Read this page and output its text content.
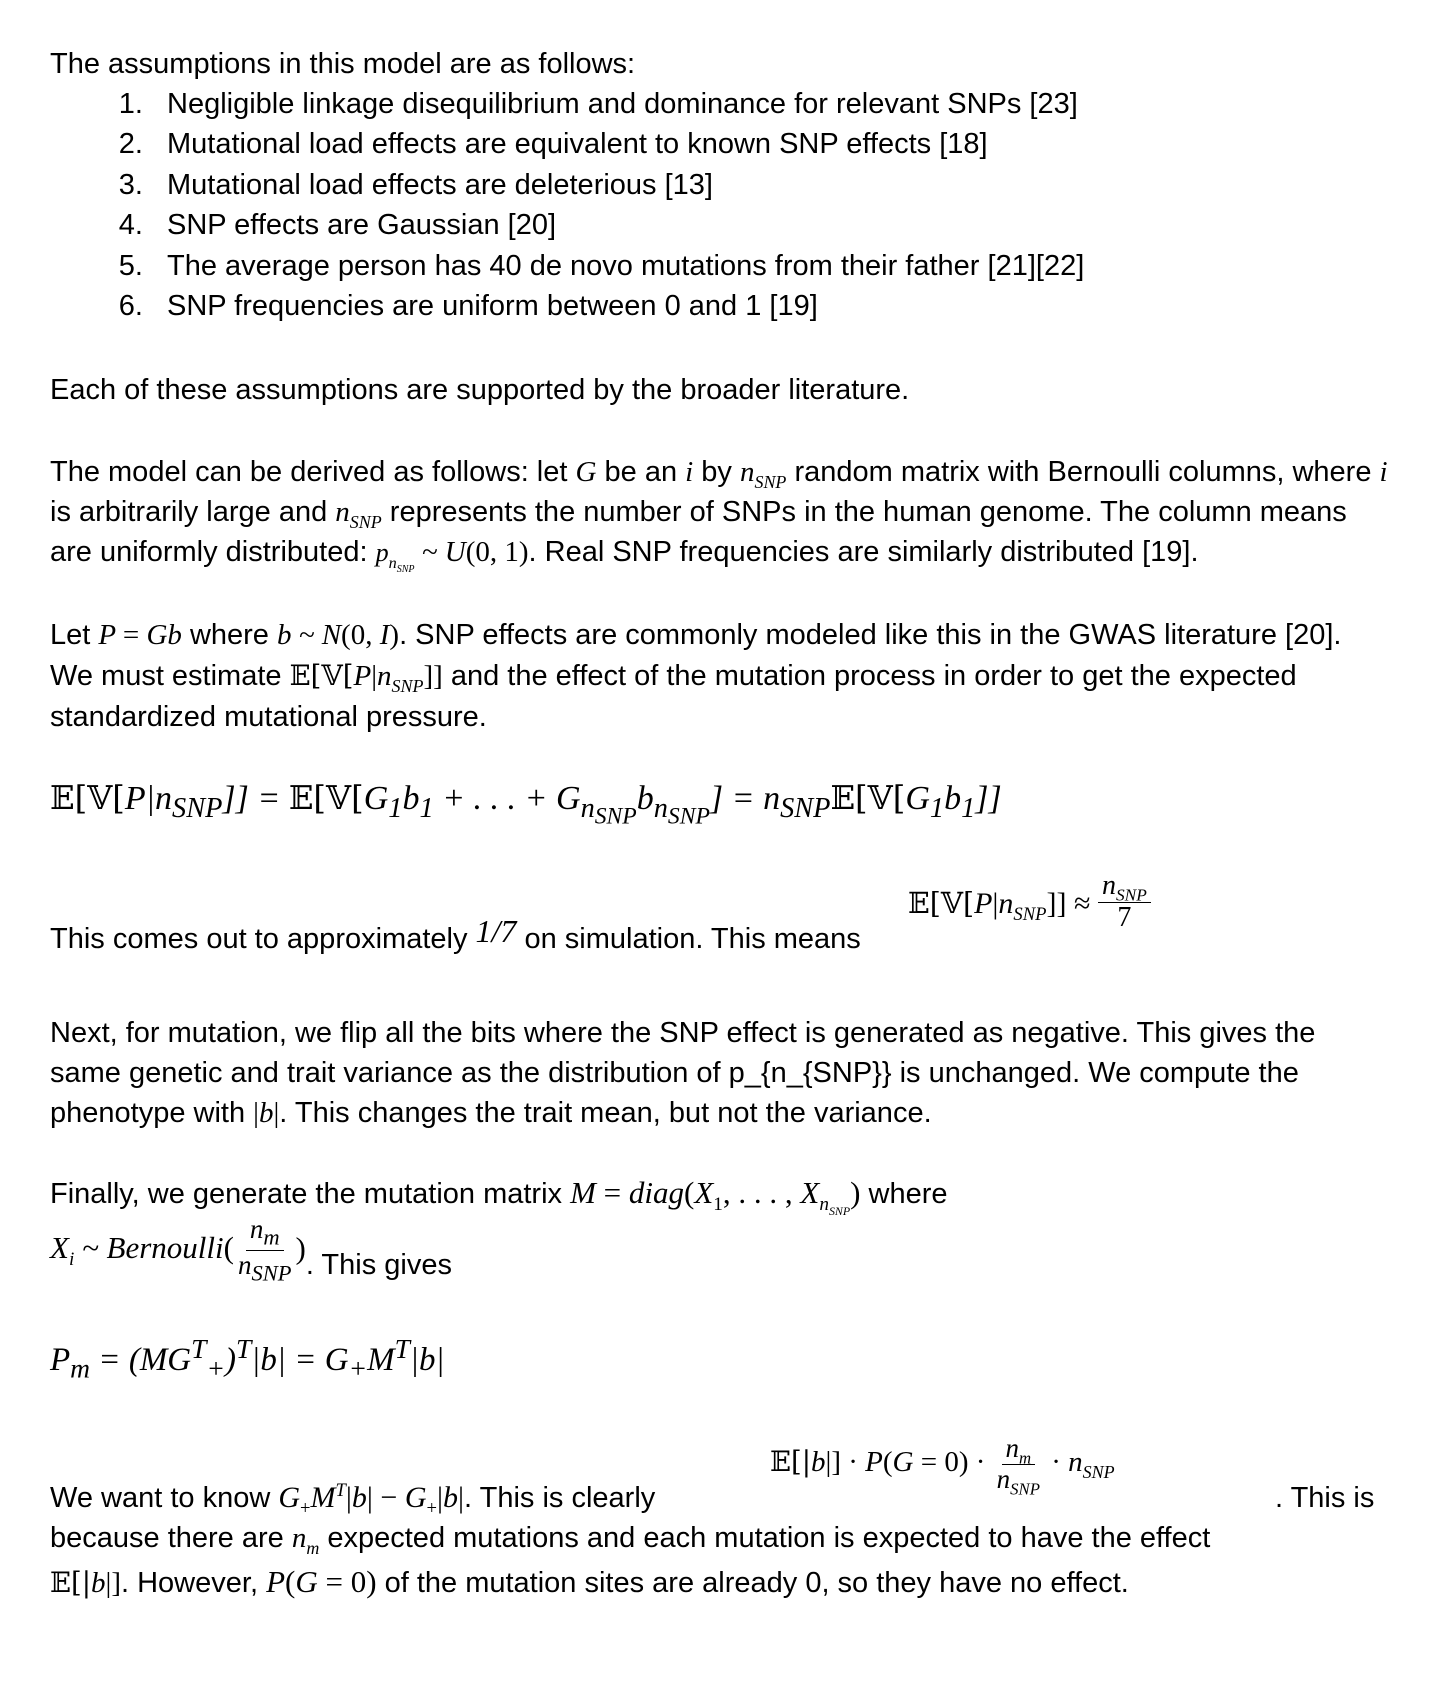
The assumptions in this model are as follows:

1. Negligible linkage disequilibrium and dominance for relevant SNPs [23]
2. Mutational load effects are equivalent to known SNP effects [18]
3. Mutational load effects are deleterious [13]
4. SNP effects are Gaussian [20]
5. The average person has 40 de novo mutations from their father [21][22]
6. SNP frequencies are uniform between 0 and 1 [19]

Each of these assumptions are supported by the broader literature.

The model can be derived as follows: let G be an i by $n_{SNP}$ random matrix with Bernoulli columns, where i is arbitrarily large and $n_{SNP}$ represents the number of SNPs in the human genome. The column means are uniformly distributed: $p_{n_{SNP}}$ ~ U(0, 1). Real SNP frequencies are similarly distributed [19].

Let P = Gb where b ~ N(0, I). SNP effects are commonly modeled like this in the GWAS literature [20]. We must estimate $𝔼[𝕍[P|n_{SNP}]]$ and the effect of the mutation process in order to get the expected standardized mutational pressure.

$𝔼[𝕍[P|n_{SNP}]]$ = $𝔼[𝕍[G_1b_1$ + . . . + $G_{n_{SNP}}b_{n_{SNP}}$] = $n_{SNP}𝔼[𝕍[G_1b_1]]$
This comes out to approximately 1/7 on simulation. This means
$𝔼[𝕍[P|n_{SNP}]] \approx \frac{n_{SNP}}{7}$

Next, for mutation, we flip all the bits where the SNP effect is generated as negative. This gives the same genetic and trait variance as the distribution of p_{n_{SNP}} is unchanged. We compute the phenotype with |b|. This changes the trait mean, but not the variance.

Finally, we generate the mutation matrix $M = diag(X_1$, . . . , $X_{n_{SNP}}$) where
$X_i$ ~ Bernoulli( $\frac{n_m}{n_{SNP}}$ ). This gives
$P_m = (MG^T_+)^T|b| = G_+M^T|b|$
𝔼[|b|] · $P(G = 0) \cdot \frac{n_m}{n_{SNP}} \cdot n_{SNP}$
We want to know $G_+M^T|b| - G_+|b|$. This is clearly	. This is
because there are $n_m$ expected mutations and each mutation is expected to have the effect
𝔼[|b|]. However, P(G = 0) of the mutation sites are already 0, so they have no effect.
